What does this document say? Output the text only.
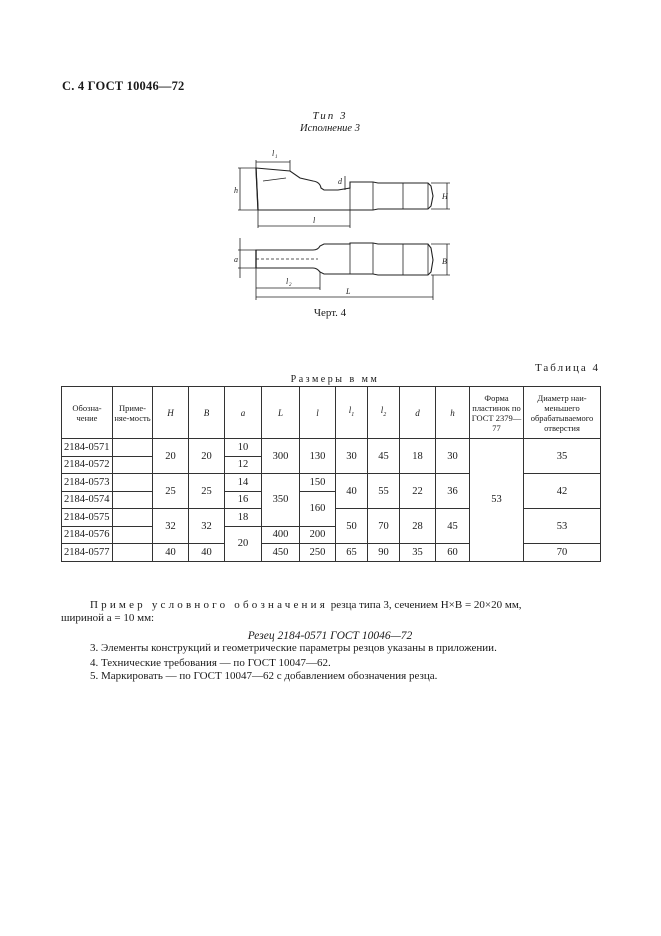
С. 4 ГОСТ 10046—72
Тип 3
Исполнение 3
l 1
h
d
H
l
a	B
l 2
L
Черт. 4
Таблица 4
Размеры в мм
Обозна-чение	Приме-няе-мость	H	B	a	L	l	$l_1$	$l_2$	d	h	Форма пластинок по ГОСТ 2379—77	Диаметр наи-меньшего обрабатываемого отверстия
2184-0571		20	20	10	300	130	30	45	18	30	53	35
2184-0572				12								
2184-0573		25	25	14	350	150	40	55	22	36		42
2184-0574				16		160						
2184-0575		32	32	18			50	70	28	45		53
2184-0576				20	400	200						
2184-0577		40	40		450	250	65	90	35	60		70
Пример условного обозначения резца типа 3, сечением H×B = 20×20 мм,
шириной a = 10 мм:
Резец 2184-0571 ГОСТ 10046—72
3. Элементы конструкций и геометрические параметры резцов указаны в приложении.
4. Технические требования — по ГОСТ 10047—62.
5. Маркировать — по ГОСТ 10047—62 с добавлением обозначения резца.
